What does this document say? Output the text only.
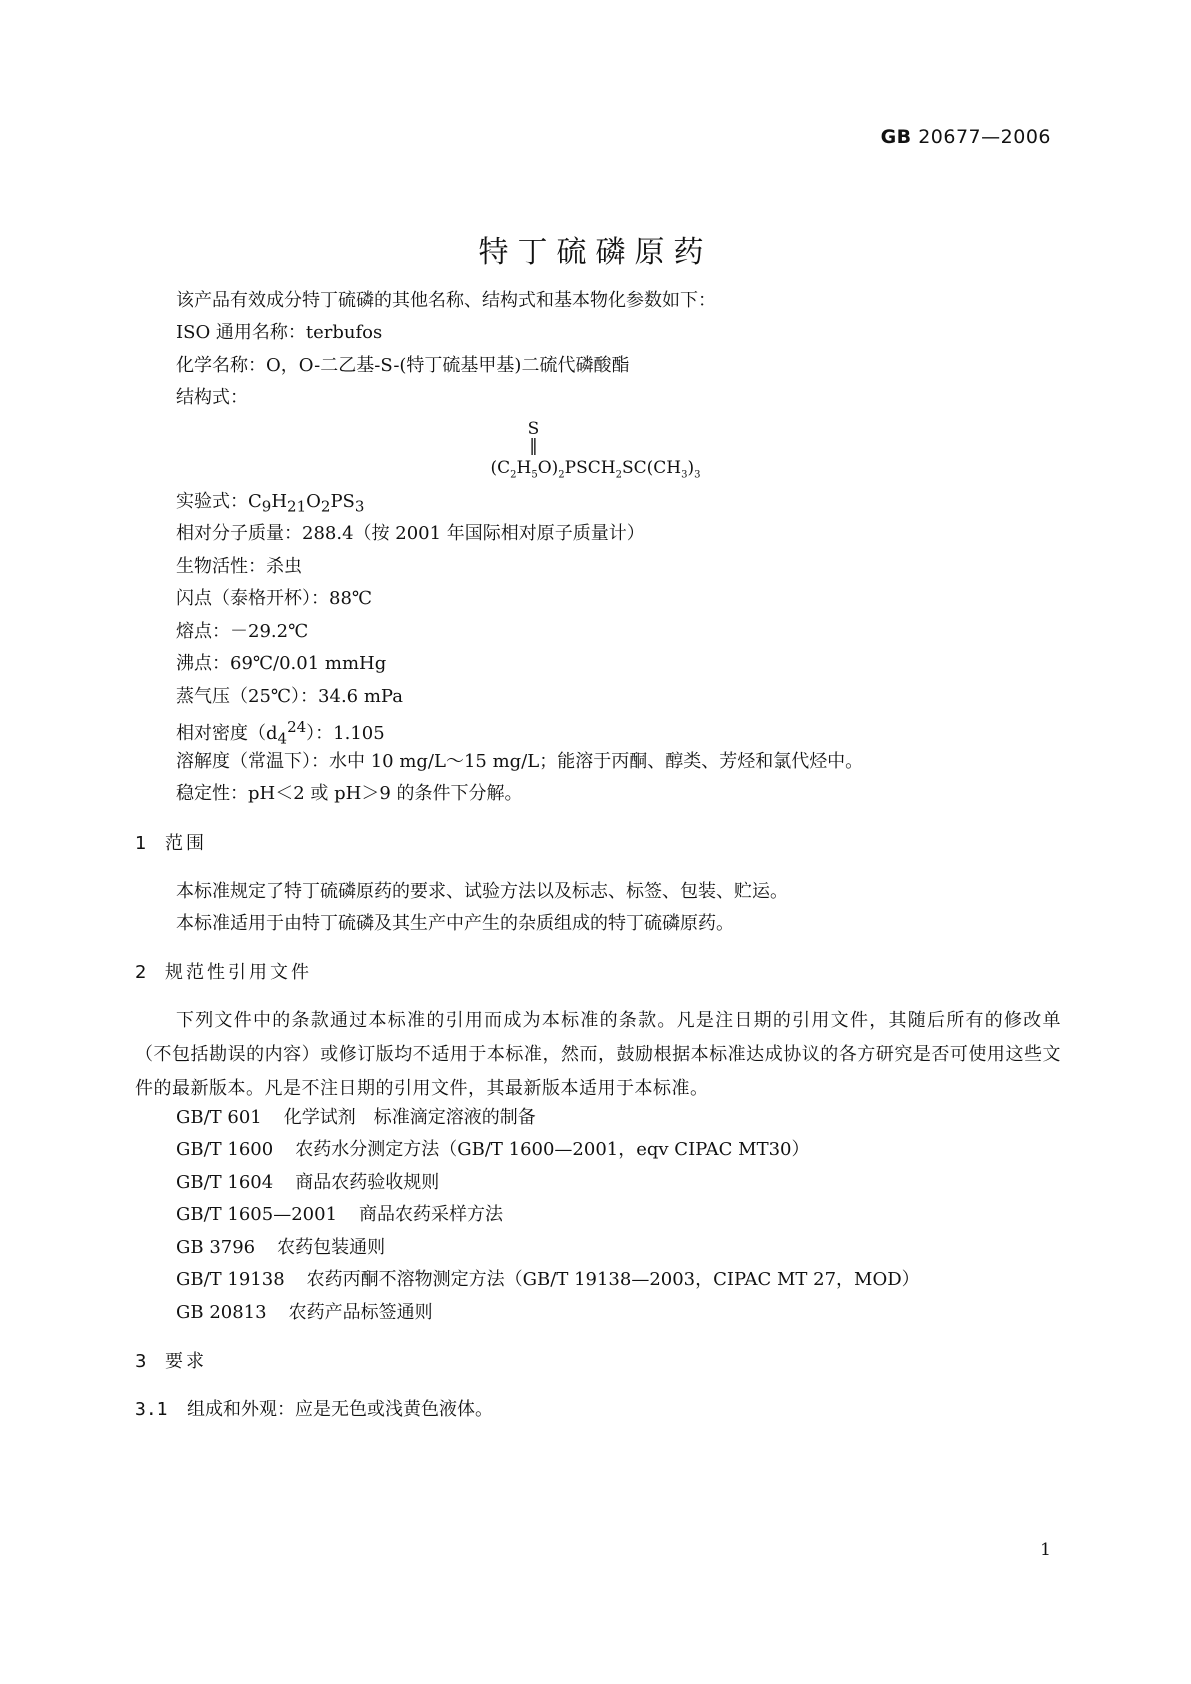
GB 20677—2006
特丁硫磷原药
该产品有效成分特丁硫磷的其他名称、结构式和基本物化参数如下：
ISO 通用名称：terbufos
化学名称：O，O-二乙基-S-(特丁硫基甲基)二硫代磷酸酯
结构式：
S
‖
$(C_2H_5O)_2PSCH_2SC(CH_3)_3$
实验式：$C_9H_{21}O_2PS_3$
相对分子质量：288.4（按 2001 年国际相对原子质量计）
生物活性：杀虫
闪点（泰格开杯）：88℃
熔点：－29.2℃
沸点：69℃/0.01 mmHg
蒸气压（25℃）：34.6 mPa
相对密度$(d_4^{24})$：1.105
溶解度（常温下）：水中 10 mg/L～15 mg/L；能溶于丙酮、醇类、芳烃和氯代烃中。
稳定性：pH＜2 或 pH＞9 的条件下分解。
1 范围
本标准规定了特丁硫磷原药的要求、试验方法以及标志、标签、包装、贮运。
本标准适用于由特丁硫磷及其生产中产生的杂质组成的特丁硫磷原药。
2 规范性引用文件
下列文件中的条款通过本标准的引用而成为本标准的条款。凡是注日期的引用文件，其随后所有的修改单（不包括勘误的内容）或修订版均不适用于本标准，然而，鼓励根据本标准达成协议的各方研究是否可使用这些文件的最新版本。凡是不注日期的引用文件，其最新版本适用于本标准。
GB/T 601 化学试剂　标准滴定溶液的制备
GB/T 1600 农药水分测定方法（GB/T 1600—2001，eqv CIPAC MT30）
GB/T 1604 商品农药验收规则
GB/T 1605—2001 商品农药采样方法
GB 3796 农药包装通则
GB/T 19138 农药丙酮不溶物测定方法（GB/T 19138—2003，CIPAC MT 27，MOD）
GB 20813 农药产品标签通则
3 要求
3.1 组成和外观：应是无色或浅黄色液体。
1
